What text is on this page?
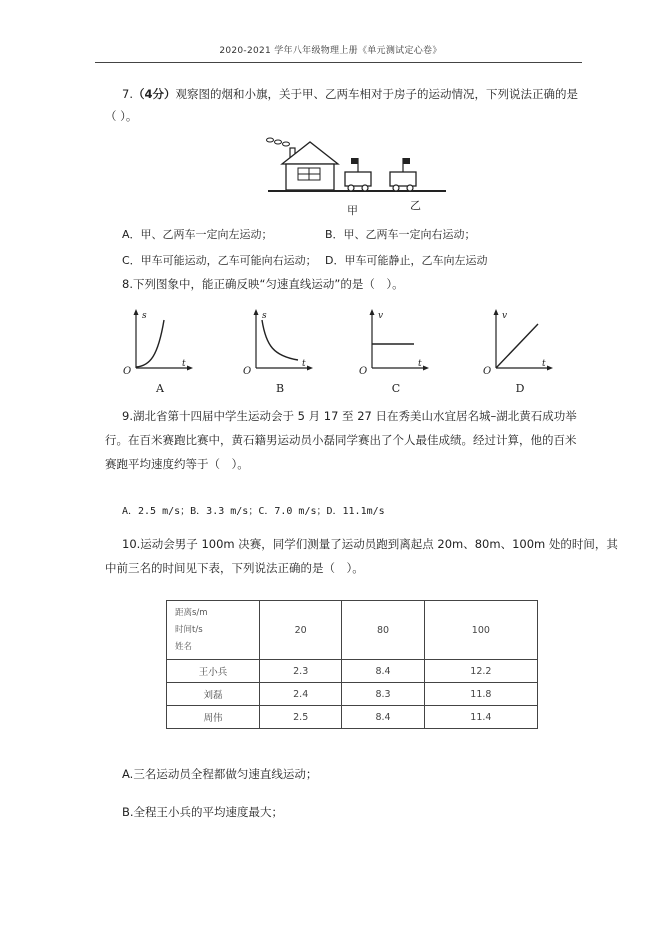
2020-2021 学年八年级物理上册《单元测试定心卷》
7.（4分）观察图的烟和小旗，关于甲、乙两车相对于房子的运动情况，下列说法正确的是
（ ）。
甲	乙
A．甲、乙两车一定向左运动；	B．甲、乙两车一定向右运动；
C．甲车可能运动，乙车可能向右运动； D．甲车可能静止，乙车向左运动
8.下列图象中，能正确反映“匀速直线运动”的是（　）。
s
t
O
A
s
t
O
B
v
t
O
C
v
t
O
D
9.湖北省第十四届中学生运动会于 5 月 17 至 27 日在秀美山水宜居名城–湖北黄石成功举
行。在百米赛跑比赛中，黄石籍男运动员小磊同学赛出了个人最佳成绩。经过计算，他的百米
赛跑平均速度约等于（　）。
A．2.5 m/s；B．3.3 m/s；C．7.0 m/s；D．11.1m/s
10.运动会男子 100m 决赛，同学们测量了运动员跑到离起点 20m、80m、100m 处的时间，其
中前三名的时间见下表，下列说法正确的是（　）。
距离s/m
时间t/s
姓名	20	80	100
王小兵	2.3	8.4	12.2
刘磊	2.4	8.3	11.8
周伟	2.5	8.4	11.4
A.三名运动员全程都做匀速直线运动；
B.全程王小兵的平均速度最大；
